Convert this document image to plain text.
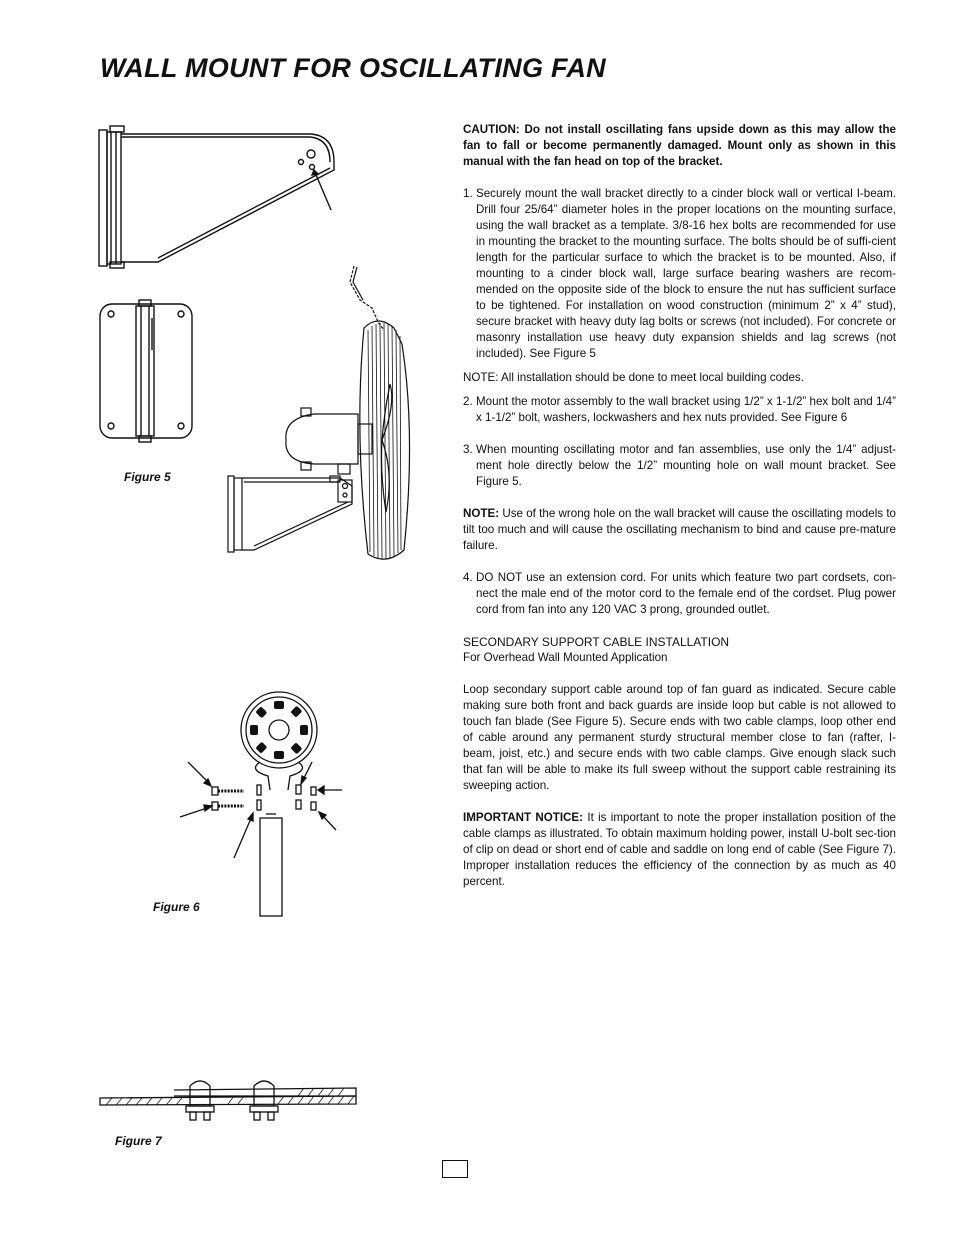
WALL MOUNT FOR OSCILLATING FAN
Figure 5
Figure 6
Figure 7

CAUTION: Do not install oscillating fans upside down as this may allow the fan to fall or become permanently damaged. Mount only as shown in this manual with the fan head on top of the bracket.

1. Securely mount the wall bracket directly to a cinder block wall or vertical I-beam. Drill four 25/64” diameter holes in the proper locations on the mounting surface, using the wall bracket as a template. 3/8-16 hex bolts are recommended for use in mounting the bracket to the mounting surface. The bolts should be of suffi-cient length for the particular surface to which the bracket is to be mounted. Also, if mounting to a cinder block wall, large surface bearing washers are recom-mended on the opposite side of the block to ensure the nut has sufficient surface to be tightened. For installation on wood construction (minimum 2” x 4” stud), secure bracket with heavy duty lag bolts or screws (not included). For concrete or masonry installation use heavy duty expansion shields and lag screws (not included). See Figure 5

NOTE: All installation should be done to meet local building codes.

2. Mount the motor assembly to the wall bracket using 1/2” x 1-1/2” hex bolt and 1/4” x 1-1/2” bolt, washers, lockwashers and hex nuts provided. See Figure 6
3. When mounting oscillating motor and fan assemblies, use only the 1/4” adjust-ment hole directly below the 1/2” mounting hole on wall mount bracket. See Figure 5.

NOTE: Use of the wrong hole on the wall bracket will cause the oscillating models to tilt too much and will cause the oscillating mechanism to bind and cause pre-mature failure.

4. DO NOT use an extension cord. For units which feature two part cordsets, con-nect the male end of the motor cord to the female end of the cordset. Plug power cord from fan into any 120 VAC 3 prong, grounded outlet.
SECONDARY SUPPORT CABLE INSTALLATION
For Overhead Wall Mounted Application

Loop secondary support cable around top of fan guard as indicated. Secure cable making sure both front and back guards are inside loop but cable is not allowed to touch fan blade (See Figure 5). Secure ends with two cable clamps, loop other end of cable around any permanent sturdy structural member close to fan (rafter, I-beam, joist, etc.) and secure ends with two cable clamps. Give enough slack such that fan will be able to make its full sweep without the support cable restraining its sweeping action.

IMPORTANT NOTICE: It is important to note the proper installation position of the cable clamps as illustrated. To obtain maximum holding power, install U-bolt sec-tion of clip on dead or short end of cable and saddle on long end of cable (See Figure 7). Improper installation reduces the efficiency of the connection by as much as 40 percent.
